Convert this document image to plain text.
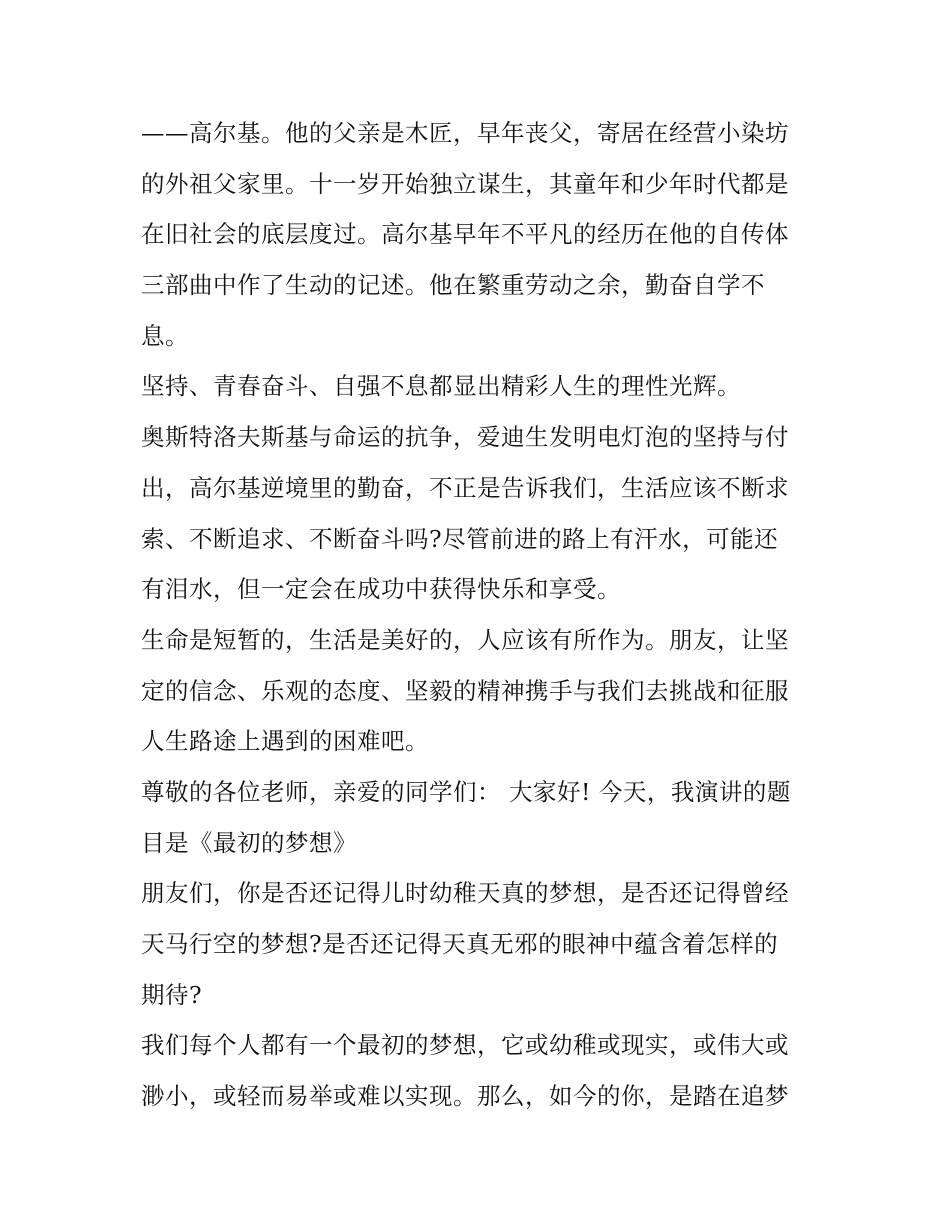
——高尔基。他的父亲是木匠，早年丧父，寄居在经营小染坊
的外祖父家里。十一岁开始独立谋生，其童年和少年时代都是
在旧社会的底层度过。高尔基早年不平凡的经历在他的自传体
三部曲中作了生动的记述。他在繁重劳动之余，勤奋自学不
息。
坚持、青春奋斗、自强不息都显出精彩人生的理性光辉。
奥斯特洛夫斯基与命运的抗争，爱迪生发明电灯泡的坚持与付
出，高尔基逆境里的勤奋，不正是告诉我们，生活应该不断求
索、不断追求、不断奋斗吗?尽管前进的路上有汗水，可能还
有泪水，但一定会在成功中获得快乐和享受。
生命是短暂的，生活是美好的，人应该有所作为。朋友，让坚
定的信念、乐观的态度、坚毅的精神携手与我们去挑战和征服
人生路途上遇到的困难吧。
尊敬的各位老师，亲爱的同学们： 大家好! 今天，我演讲的题
目是《最初的梦想》
朋友们，你是否还记得儿时幼稚天真的梦想，是否还记得曾经
天马行空的梦想?是否还记得天真无邪的眼神中蕴含着怎样的
期待?
我们每个人都有一个最初的梦想，它或幼稚或现实，或伟大或
渺小，或轻而易举或难以实现。那么，如今的你，是踏在追梦
